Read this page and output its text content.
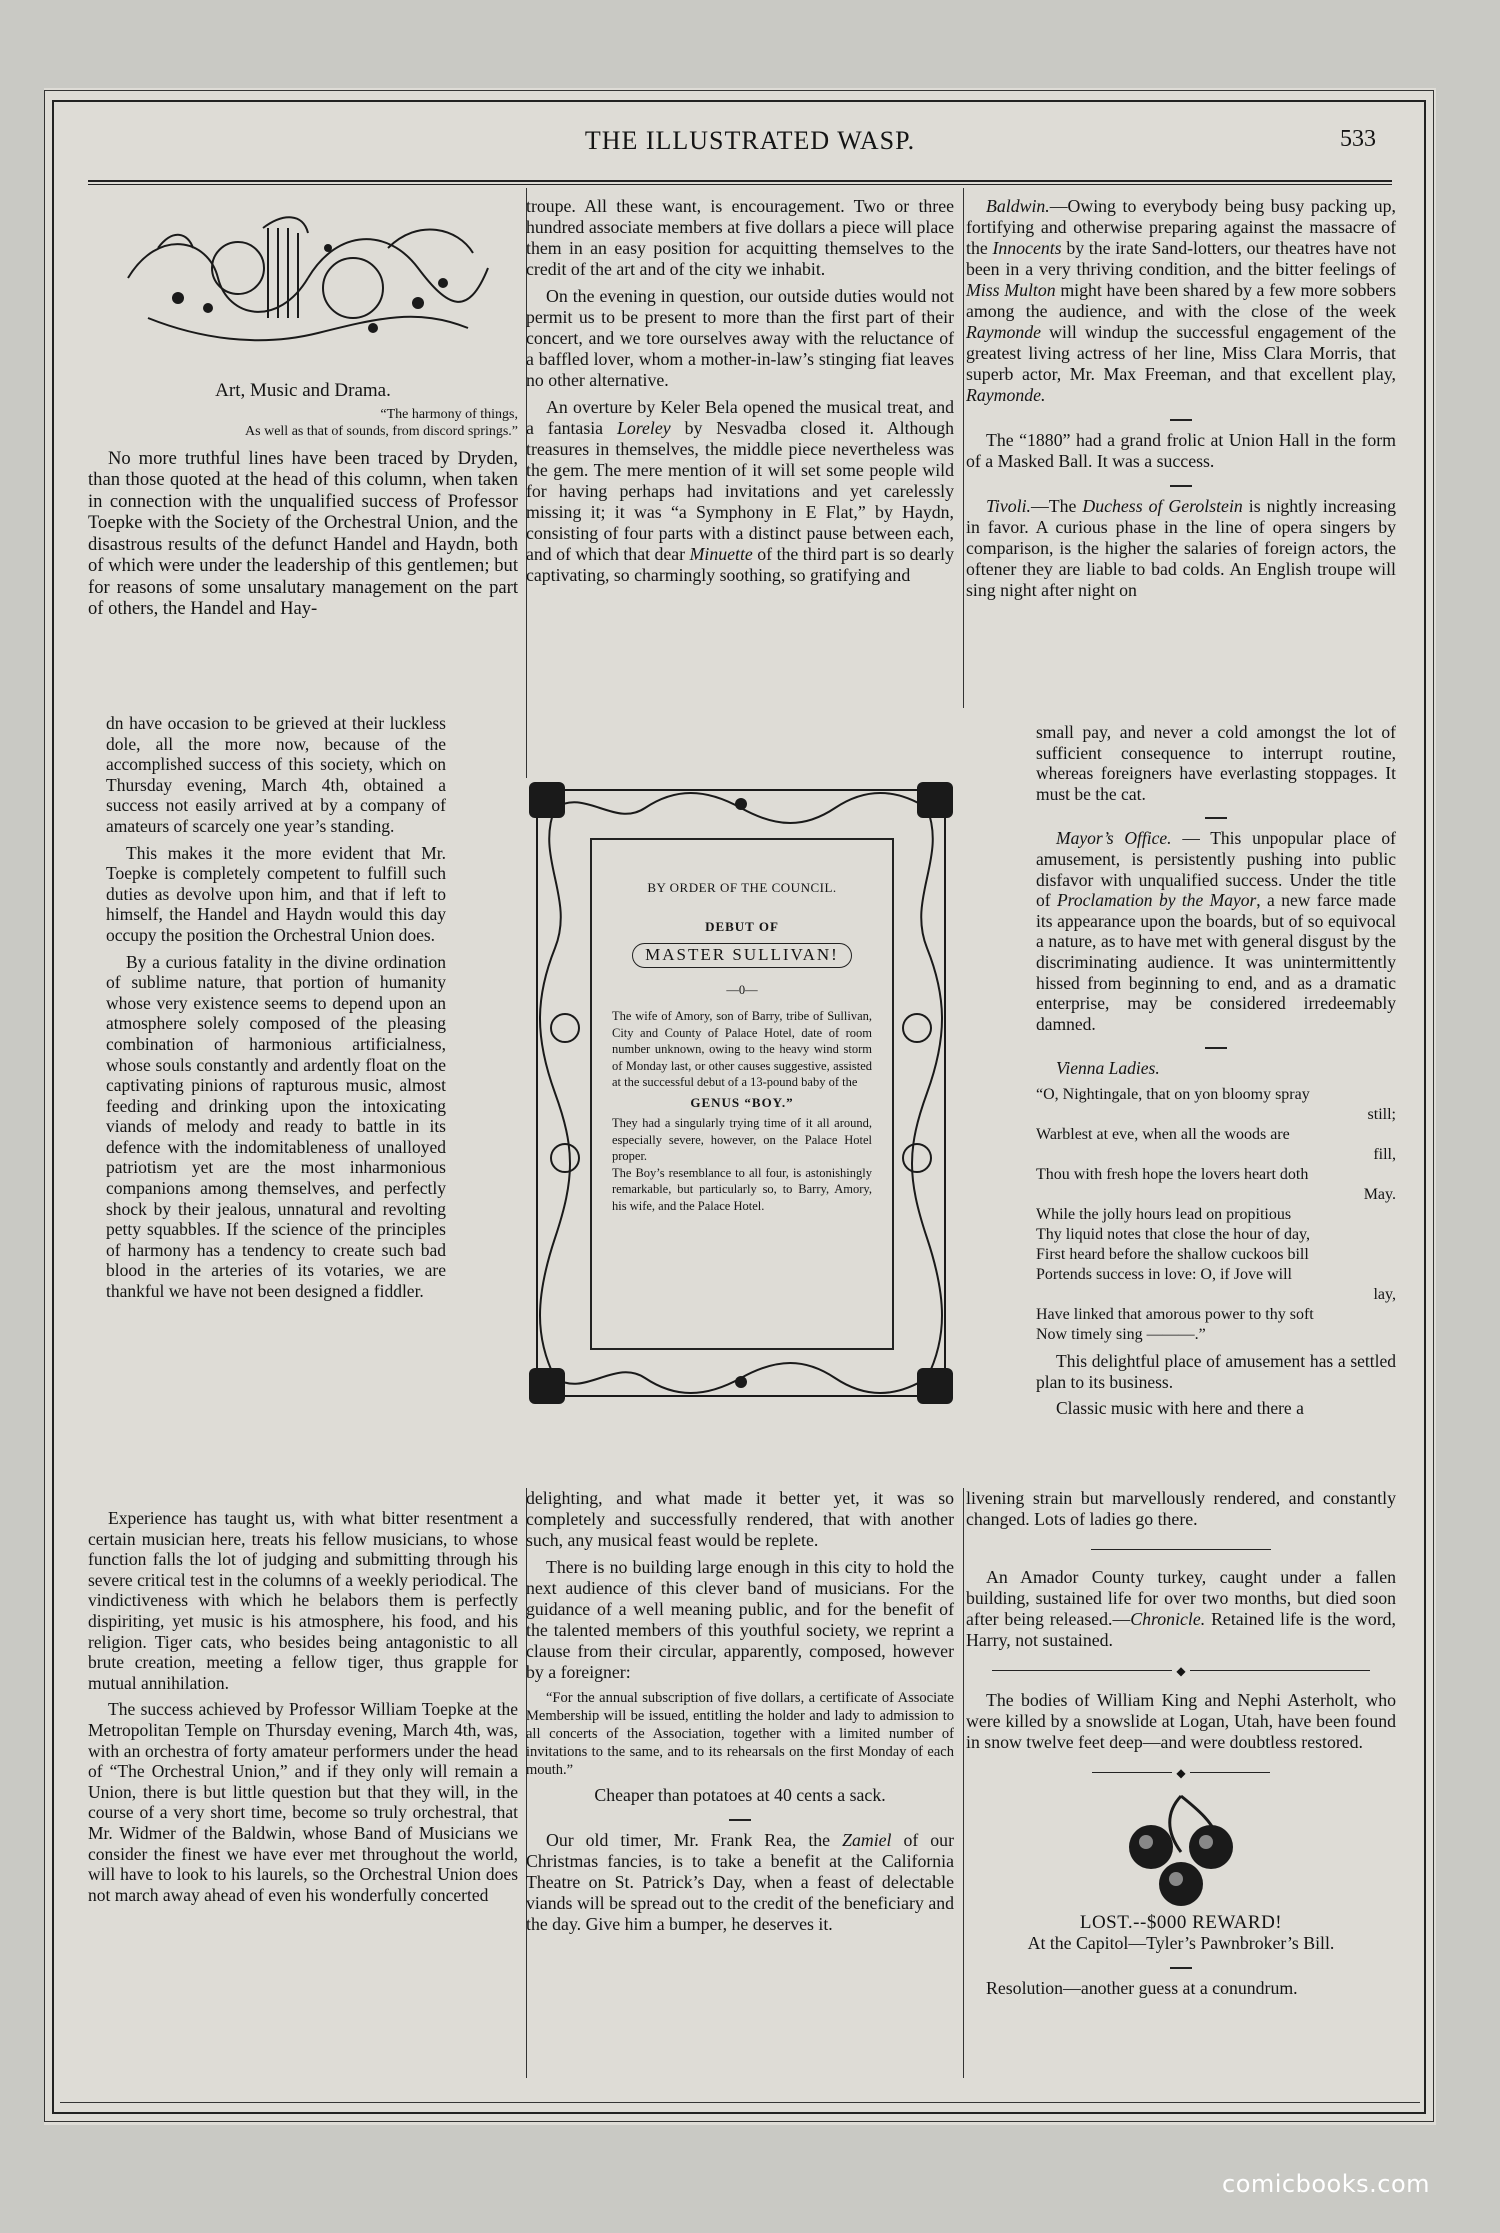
THE ILLUSTRATED WASP.	533
Art, Music and Drama.
“The harmony of things,
As well as that of sounds, from discord springs.”

No more truthful lines have been traced by Dryden, than those quoted at the head of this column, when taken in connection with the unqualified success of Professor Toepke with the Society of the Orchestral Union, and the disastrous results of the defunct Handel and Haydn, both of which were under the leadership of this gentlemen; but for reasons of some unsalutary management on the part of others, the Handel and Hay-

dn have occasion to be grieved at their luckless dole, all the more now, because of the accomplished success of this society, which on Thursday evening, March 4th, obtained a success not easily arrived at by a company of amateurs of scarcely one year’s standing.

This makes it the more evident that Mr. Toepke is completely competent to fulfill such duties as devolve upon him, and that if left to himself, the Handel and Haydn would this day occupy the position the Orchestral Union does.

By a curious fatality in the divine ordination of sublime nature, that portion of humanity whose very existence seems to depend upon an atmosphere solely composed of the pleasing combination of harmonious artificialness, whose souls constantly and ardently float on the captivating pinions of rapturous music, almost feeding and drinking upon the intoxicating viands of melody and ready to battle in its defence with the indomitableness of unalloyed patriotism yet are the most inharmonious companions among themselves, and perfectly shock by their jealous, unnatural and revolting petty squabbles. If the science of the principles of harmony has a tendency to create such bad blood in the arteries of its votaries, we are thankful we have not been designed a fiddler.

Experience has taught us, with what bitter resentment a certain musician here, treats his fellow musicians, to whose function falls the lot of judging and submitting through his severe critical test in the columns of a weekly periodical. The vindictiveness with which he belabors them is perfectly dispiriting, yet music is his atmosphere, his food, and his religion. Tiger cats, who besides being antagonistic to all brute creation, meeting a fellow tiger, thus grapple for mutual annihilation.

The success achieved by Professor William Toepke at the Metropolitan Temple on Thursday evening, March 4th, was, with an orchestra of forty amateur performers under the head of “The Orchestral Union,” and if they only will remain a Union, there is but little question but that they will, in the course of a very short time, become so truly orchestral, that Mr. Widmer of the Baldwin, whose Band of Musicians we consider the finest we have ever met throughout the world, will have to look to his laurels, so the Orchestral Union does not march away ahead of even his wonderfully concerted

troupe. All these want, is encouragement. Two or three hundred associate members at five dollars a piece will place them in an easy position for acquitting themselves to the credit of the art and of the city we inhabit.

On the evening in question, our outside duties would not permit us to be present to more than the first part of their concert, and we tore ourselves away with the reluctance of a baffled lover, whom a mother-in-law’s stinging fiat leaves no other alternative.

An overture by Keler Bela opened the musical treat, and a fantasia Loreley by Nesvadba closed it. Although treasures in themselves, the middle piece nevertheless was the gem. The mere mention of it will set some people wild for having perhaps had invitations and yet carelessly missing it; it was “a Symphony in E Flat,” by Haydn, consisting of four parts with a distinct pause between each, and of which that dear Minuette of the third part is so dearly captivating, so charmingly soothing, so gratifying and

delighting, and what made it better yet, it was so completely and successfully rendered, that with another such, any musical feast would be replete.

There is no building large enough in this city to hold the next audience of this clever band of musicians. For the guidance of a well meaning public, and for the benefit of the talented members of this youthful society, we reprint a clause from their circular, apparently, composed, however by a foreigner:

“For the annual subscription of five dollars, a certificate of Associate Membership will be issued, entitling the holder and lady to admission to all concerts of the Association, together with a limited number of invitations to the same, and to its rehearsals on the first Monday of each mouth.”

Cheaper than potatoes at 40 cents a sack.

Our old timer, Mr. Frank Rea, the Zamiel of our Christmas fancies, is to take a benefit at the California Theatre on St. Patrick’s Day, when a feast of delectable viands will be spread out to the credit of the beneficiary and the day. Give him a bumper, he deserves it.

BY ORDER OF THE COUNCIL.
DEBUT OF
MASTER SULLIVAN!
—0—
The wife of Amory, son of Barry, tribe of Sullivan, City and County of Palace Hotel, date of room number unknown, owing to the heavy wind storm of Monday last, or other causes suggestive, assisted at the successful debut of a 13-pound baby of the
GENUS “BOY.”
They had a singularly trying time of it all around, especially severe, however, on the Palace Hotel proper.
The Boy’s resemblance to all four, is astonishingly remarkable, but particularly so, to Barry, Amory, his wife, and the Palace Hotel.

Baldwin.—Owing to everybody being busy packing up, fortifying and otherwise preparing against the massacre of the Innocents by the irate Sand-lotters, our theatres have not been in a very thriving condition, and the bitter feelings of Miss Multon might have been shared by a few more sobbers among the audience, and with the close of the week Raymonde will windup the successful engagement of the greatest living actress of her line, Miss Clara Morris, that superb actor, Mr. Max Freeman, and that excellent play, Raymonde.

The “1880” had a grand frolic at Union Hall in the form of a Masked Ball. It was a success.

Tivoli.—The Duchess of Gerolstein is nightly increasing in favor. A curious phase in the line of opera singers by comparison, is the higher the salaries of foreign actors, the oftener they are liable to bad colds. An English troupe will sing night after night on

small pay, and never a cold amongst the lot of sufficient consequence to interrupt routine, whereas foreigners have everlasting stoppages. It must be the cat.

Mayor’s Office. — This unpopular place of amusement, is persistently pushing into public disfavor with unqualified success. Under the title of Proclamation by the Mayor, a new farce made its appearance upon the boards, but of so equivocal a nature, as to have met with general disgust by the discriminating audience. It was unintermittently hissed from beginning to end, and as a dramatic enterprise, may be considered irredeemably damned.

Vienna Ladies.

“O, Nightingale, that on yon bloomy spray
still;
Warblest at eve, when all the woods are
fill,
Thou with fresh hope the lovers heart doth
May.
While the jolly hours lead on propitious
Thy liquid notes that close the hour of day,
First heard before the shallow cuckoos bill
Portends success in love: O, if Jove will
lay,
Have linked that amorous power to thy soft
Now timely sing ———.”

This delightful place of amusement has a settled plan to its business.

Classic music with here and there a

livening strain but marvellously rendered, and constantly changed. Lots of ladies go there.

An Amador County turkey, caught under a fallen building, sustained life for over two months, but died soon after being released.—Chronicle. Retained life is the word, Harry, not sustained.

◆

The bodies of William King and Nephi Asterholt, who were killed by a snowslide at Logan, Utah, have been found in snow twelve feet deep—and were doubtless restored.

◆
LOST.--$000 REWARD!
At the Capitol—Tyler’s Pawnbroker’s Bill.

Resolution—another guess at a conundrum.

comicbooks.com
